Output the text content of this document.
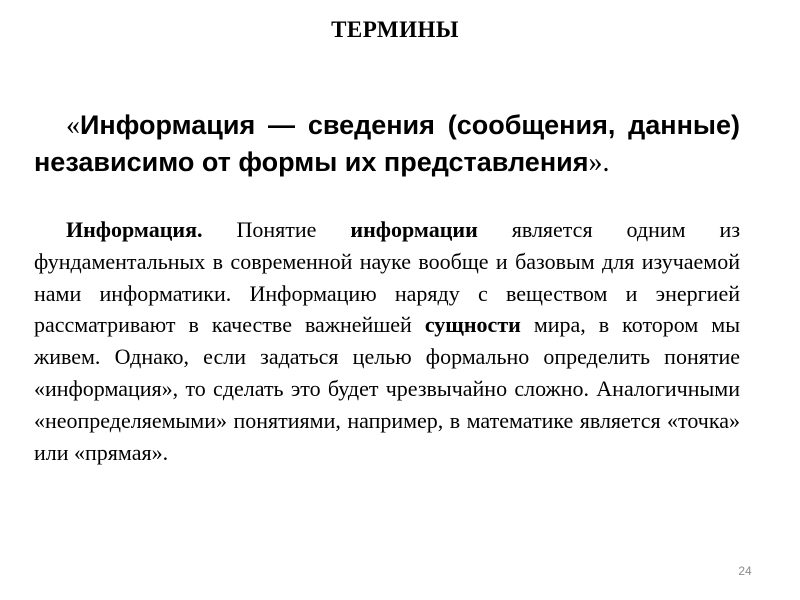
ТЕРМИНЫ

«Информация — сведения (сообщения, данные) независимо от формы их представления».

Информация. Понятие информации является одним из фундаментальных в современной науке вообще и базовым для изучаемой нами информатики. Информацию наряду с веществом и энергией рассматривают в качестве важнейшей сущности мира, в котором мы живем. Однако, если задаться целью формально определить понятие «информация», то сделать это будет чрезвычайно сложно. Аналогичными «неопределяемыми» понятиями, например, в математике является «точка» или «прямая».

24
